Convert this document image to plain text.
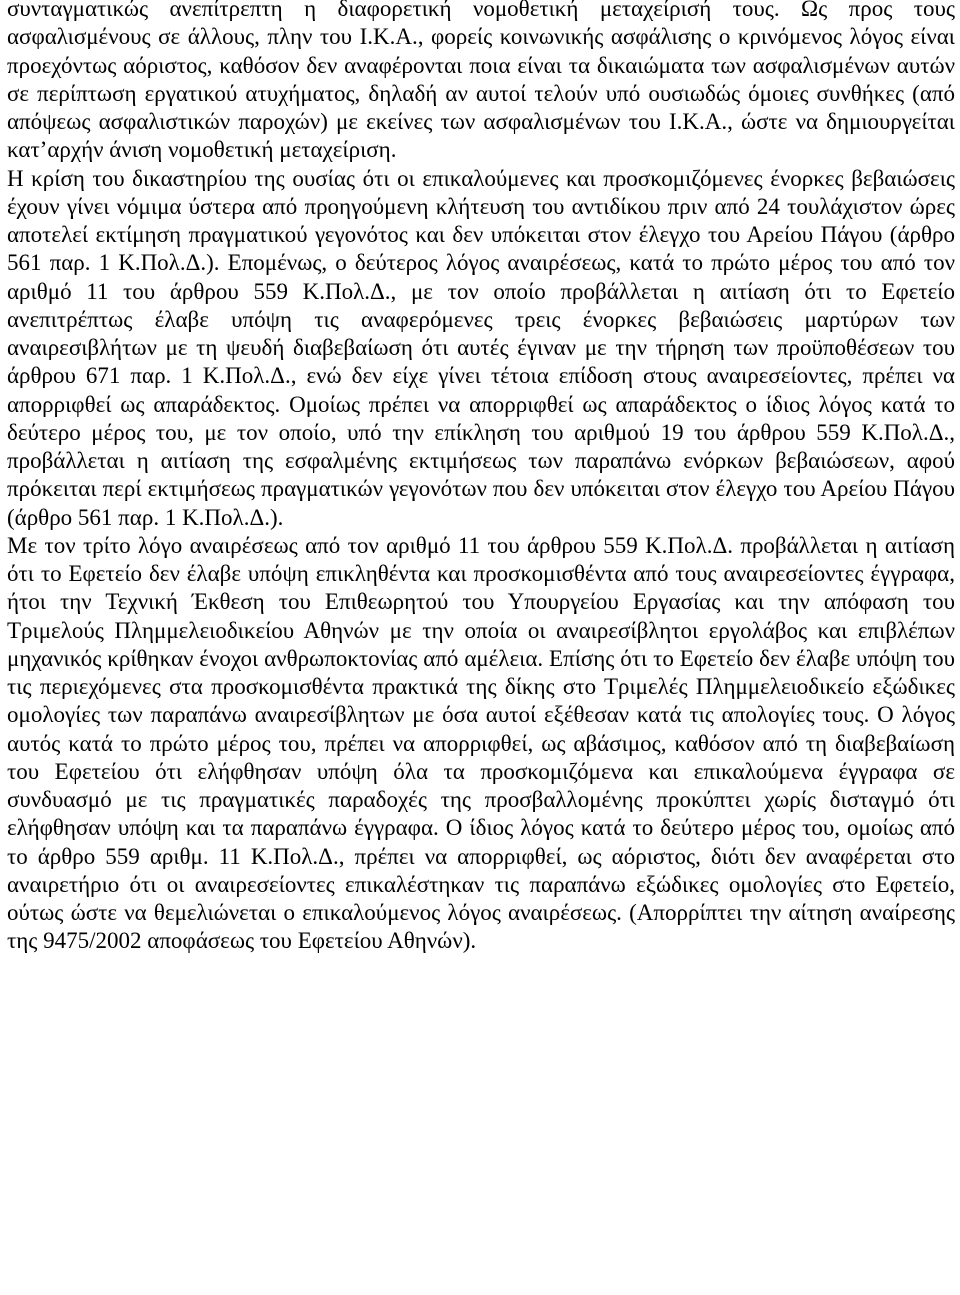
συνταγματικώς ανεπίτρεπτη η διαφορετική νομοθετική μεταχείρισή τους. Ως προς τους ασφαλισμένους σε άλλους, πλην του Ι.Κ.Α., φορείς κοινωνικής ασφάλισης ο κρινόμενος λόγος είναι προεχόντως αόριστος, καθόσον δεν αναφέρονται ποια είναι τα δικαιώματα των ασφαλισμένων αυτών σε περίπτωση εργατικού ατυχήματος, δηλαδή αν αυτοί τελούν υπό ουσιωδώς όμοιες συνθήκες (από απόψεως ασφαλιστικών παροχών) με εκείνες των ασφαλισμένων του Ι.Κ.Α., ώστε να δημιουργείται κατ’αρχήν άνιση νομοθετική μεταχείριση.

Η κρίση του δικαστηρίου της ουσίας ότι οι επικαλούμενες και προσκομιζόμενες ένορκες βεβαιώσεις έχουν γίνει νόμιμα ύστερα από προηγούμενη κλήτευση του αντιδίκου πριν από 24 τουλάχιστον ώρες αποτελεί εκτίμηση πραγματικού γεγονότος και δεν υπόκειται στον έλεγχο του Αρείου Πάγου (άρθρο 561 παρ. 1 Κ.Πολ.Δ.). Επομένως, ο δεύτερος λόγος αναιρέσεως, κατά το πρώτο μέρος του από τον αριθμό 11 του άρθρου 559 Κ.Πολ.Δ., με τον οποίο προβάλλεται η αιτίαση ότι το Εφετείο ανεπιτρέπτως έλαβε υπόψη τις αναφερόμενες τρεις ένορκες βεβαιώσεις μαρτύρων των αναιρεσιβλήτων με τη ψευδή διαβεβαίωση ότι αυτές έγιναν με την τήρηση των προϋποθέσεων του άρθρου 671 παρ. 1 Κ.Πολ.Δ., ενώ δεν είχε γίνει τέτοια επίδοση στους αναιρεσείοντες, πρέπει να απορριφθεί ως απαράδεκτος. Ομοίως πρέπει να απορριφθεί ως απαράδεκτος ο ίδιος λόγος κατά το δεύτερο μέρος του, με τον οποίο, υπό την επίκληση του αριθμού 19 του άρθρου 559 Κ.Πολ.Δ., προβάλλεται η αιτίαση της εσφαλμένης εκτιμήσεως των παραπάνω ενόρκων βεβαιώσεων, αφού πρόκειται περί εκτιμήσεως πραγματικών γεγονότων που δεν υπόκειται στον έλεγχο του Αρείου Πάγου (άρθρο 561 παρ. 1 Κ.Πολ.Δ.).

Με τον τρίτο λόγο αναιρέσεως από τον αριθμό 11 του άρθρου 559 Κ.Πολ.Δ. προβάλλεται η αιτίαση ότι το Εφετείο δεν έλαβε υπόψη επικληθέντα και προσκομισθέντα από τους αναιρεσείοντες έγγραφα, ήτοι την Τεχνική Έκθεση του Επιθεωρητού του Υπουργείου Εργασίας και την απόφαση του Τριμελούς Πλημμελειοδικείου Αθηνών με την οποία οι αναιρεσίβλητοι εργολάβος και επιβλέπων μηχανικός κρίθηκαν ένοχοι ανθρωποκτονίας από αμέλεια. Επίσης ότι το Εφετείο δεν έλαβε υπόψη του τις περιεχόμενες στα προσκομισθέντα πρακτικά της δίκης στο Τριμελές Πλημμελειοδικείο εξώδικες ομολογίες των παραπάνω αναιρεσίβλητων με όσα αυτοί εξέθεσαν κατά τις απολογίες τους. Ο λόγος αυτός κατά το πρώτο μέρος του, πρέπει να απορριφθεί, ως αβάσιμος, καθόσον από τη διαβεβαίωση του Εφετείου ότι ελήφθησαν υπόψη όλα τα προσκομιζόμενα και επικαλούμενα έγγραφα σε συνδυασμό με τις πραγματικές παραδοχές της προσβαλλομένης προκύπτει χωρίς δισταγμό ότι ελήφθησαν υπόψη και τα παραπάνω έγγραφα. Ο ίδιος λόγος κατά το δεύτερο μέρος του, ομοίως από το άρθρο 559 αριθμ. 11 Κ.Πολ.Δ., πρέπει να απορριφθεί, ως αόριστος, διότι δεν αναφέρεται στο αναιρετήριο ότι οι αναιρεσείοντες επικαλέστηκαν τις παραπάνω εξώδικες ομολογίες στο Εφετείο, ούτως ώστε να θεμελιώνεται ο επικαλούμενος λόγος αναιρέσεως. (Απορρίπτει την αίτηση αναίρεσης της 9475/2002 αποφάσεως του Εφετείου Αθηνών).
